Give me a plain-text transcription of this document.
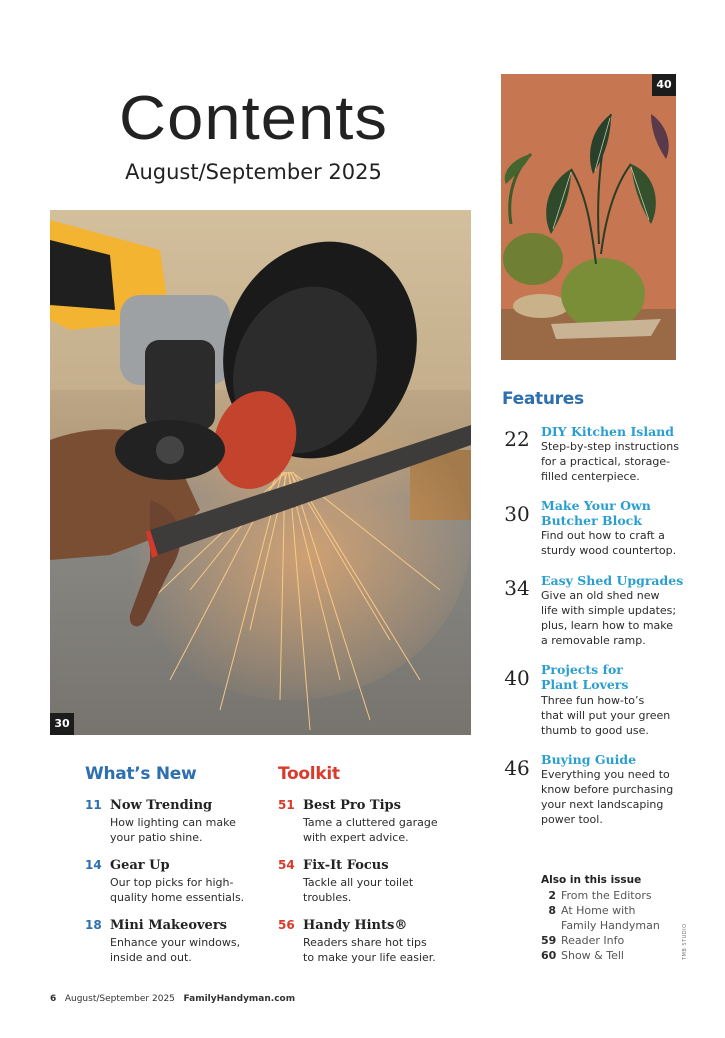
Contents
August/September 2025
30
40
What’s New
11 Now Trending
How lighting can make
your patio shine.
14 Gear Up
Our top picks for high-
quality home essentials.
18 Mini Makeovers
Enhance your windows,
inside and out.
Toolkit
51 Best Pro Tips
Tame a cluttered garage
with expert advice.
54 Fix-It Focus
Tackle all your toilet
troubles.
56 Handy Hints®
Readers share hot tips
to make your life easier.
Features
22 DIY Kitchen Island
Step-by-step instructions
for a practical, storage-
filled centerpiece.
30 Make Your Own
Butcher Block
Find out how to craft a
sturdy wood countertop.
34 Easy Shed Upgrades
Give an old shed new
life with simple updates;
plus, learn how to make
a removable ramp.
40 Projects for
Plant Lovers
Three fun how-to’s
that will put your green
thumb to good use.
46 Buying Guide
Everything you need to
know before purchasing
your next landscaping
power tool.
Also in this issue
2 From the Editors
8 At Home with
Family Handyman
59 Reader Info
60 Show & Tell	TMB STUDIO
6 August/September 2025 FamilyHandyman.com
